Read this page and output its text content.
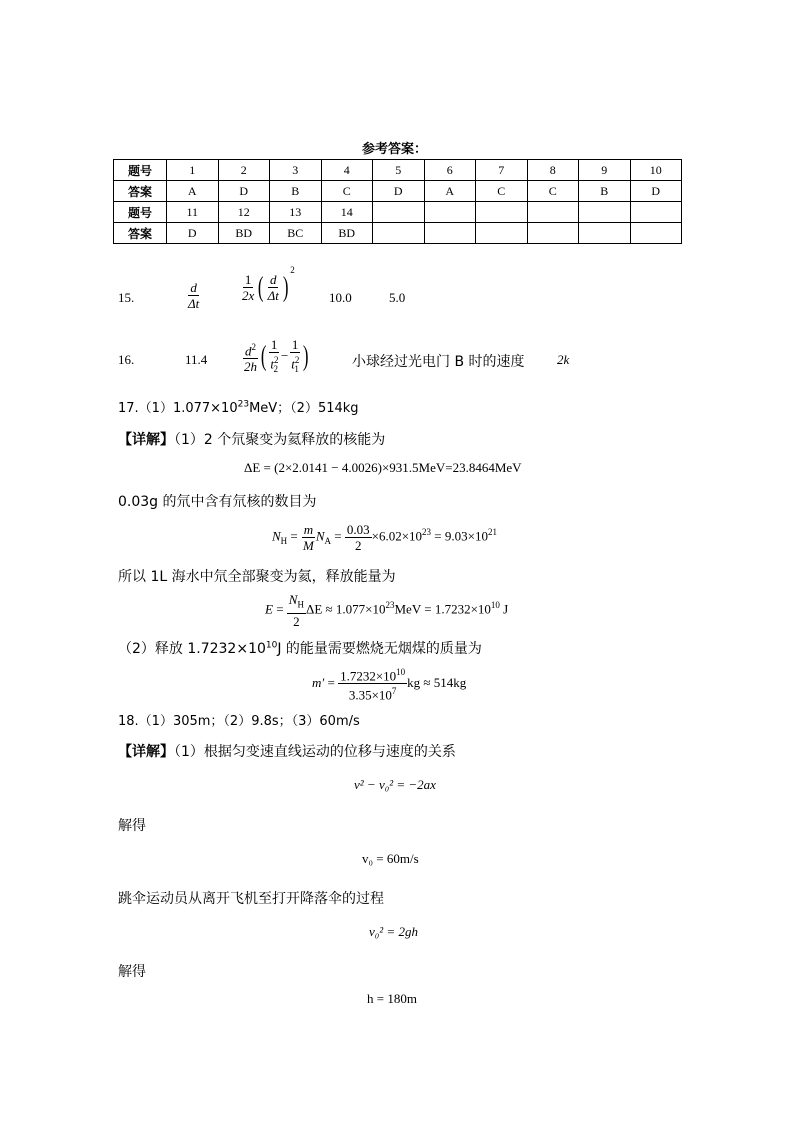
参考答案：
题号	1	2	3	4	5	6	7	8	9	10
答案	A	D	B	C	D	A	C	C	B	D
题号	11	12	13	14						
答案	D	BD	BC	BD						
15.	$\frac{d}{\Delta t}$	$\frac{1}{2x}$ ( $\frac{d}{\Delta t} )^2$
10.0	5.0
16.	11.4	$\frac{d^2}{2h}$ ( $\frac{1}{t^2_2} - \frac{1}{t^2_1}$ )	小球经过光电门 B 时的速度 2k
$17.(1)1.077\times 10^{23}MeV$；（2）514kg
【详解】（1）2 个氘聚变为氦释放的核能为
ΔE = (2×2.0141 − 4.0026)×931.5MeV=23.8464MeV
0.03g 的氘中含有氘核的数目为
$N_H = \frac{m}{M} N_A = \frac{0.03}{2} \times 6.02\times 10^{23} = 9.03\times 10^{21}$
所以 1L 海水中氘全部聚变为氦，释放能量为
$E = \frac{N_H}{2}$ $\Delta E \approx 1.077\times 10^{23}MeV = 1.7232\times 10^{10}$ J
（2）释放 $1.7232\times 10^{10}J$ 的能量需要燃烧无烟煤的质量为
$m' = \frac{1.7232\times 10^{10}}{3.35\times 10^7}$ kg ≈ 514kg
18.（1）305m；（2）9.8s；（3）60m/s
【详解】（1）根据匀变速直线运动的位移与速度的关系
v² − v₀² = −2ax
解得
v₀ = 60m/s
跳伞运动员从离开飞机至打开降落伞的过程
v₀² = 2gh
解得
h = 180m
